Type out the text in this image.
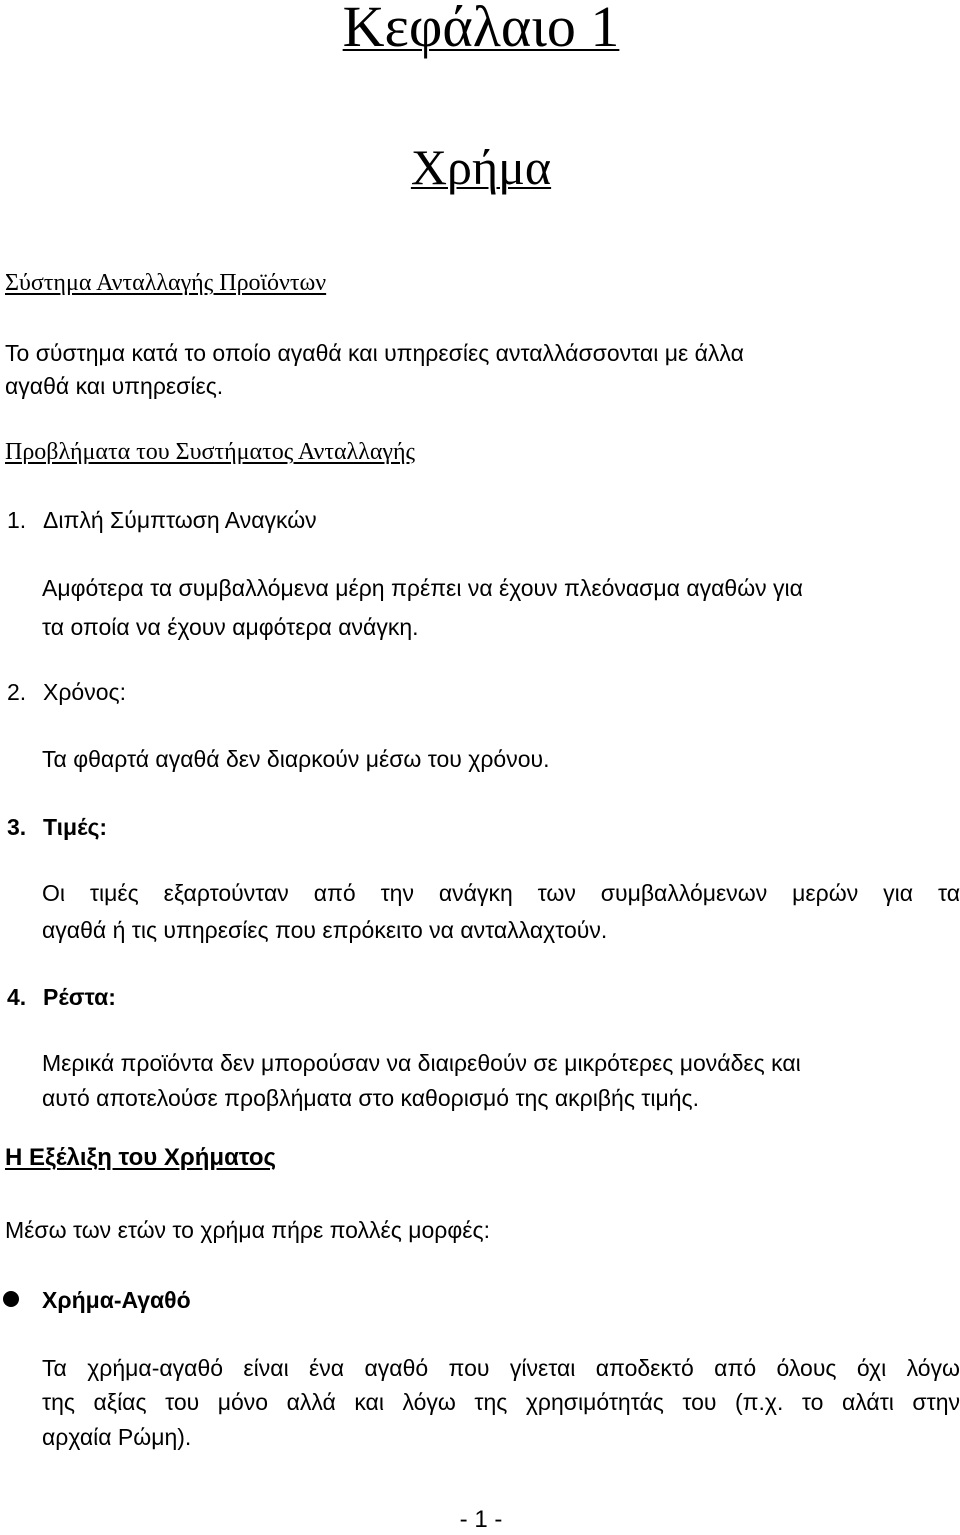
Κεφάλαιο 1
Χρήμα
Σύστημα Ανταλλαγής Προϊόντων
Το σύστημα κατά το οποίο αγαθά και υπηρεσίες ανταλλάσσονται με άλλα
αγαθά και υπηρεσίες.
Προβλήματα του Συστήματος Ανταλλαγής
1. Διπλή Σύμπτωση Αναγκών
Αμφότερα τα συμβαλλόμενα μέρη πρέπει να έχουν πλεόνασμα αγαθών για
τα οποία να έχουν αμφότερα ανάγκη.
2. Χρόνος:
Τα φθαρτά αγαθά δεν διαρκούν μέσω του χρόνου.
3. Τιμές:
Οι τιμές εξαρτούνταν από την ανάγκη των συμβαλλόμενων μερών για τα
αγαθά ή τις υπηρεσίες που επρόκειτο να ανταλλαχτούν.
4. Ρέστα:
Μερικά προϊόντα δεν μπορούσαν να διαιρεθούν σε μικρότερες μονάδες και
αυτό αποτελούσε προβλήματα στο καθορισμό της ακριβής τιμής.
Η Εξέλιξη του Χρήματος
Μέσω των ετών το χρήμα πήρε πολλές μορφές:
Χρήμα-Αγαθό
Τα χρήμα-αγαθό είναι ένα αγαθό που γίνεται αποδεκτό από όλους όχι λόγω
της αξίας του μόνο αλλά και λόγω της χρησιμότητάς του (π.χ. το αλάτι στην
αρχαία Ρώμη).
- 1 -
